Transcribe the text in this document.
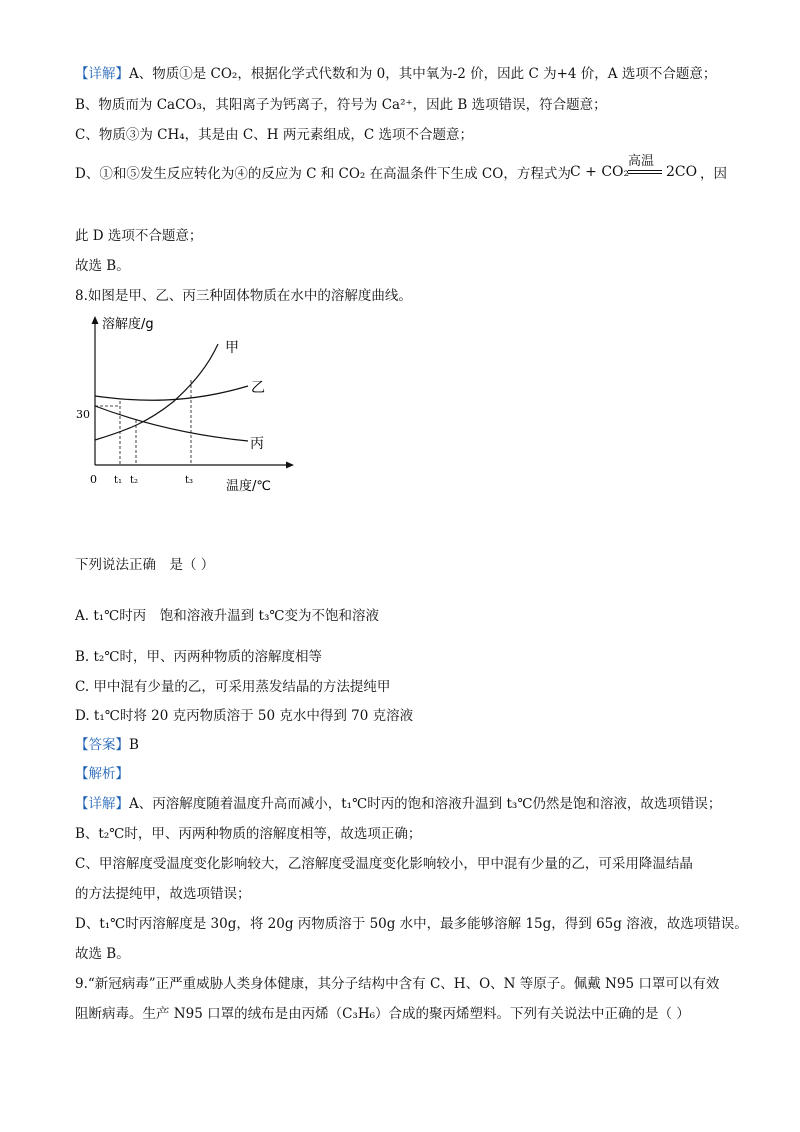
【详解】A、物质①是 CO₂，根据化学式代数和为 0，其中氧为-2 价，因此 C 为+4 价，A 选项不合题意；
B、物质而为 CaCO₃，其阳离子为钙离子，符号为 Ca²⁺，因此 B 选项错误，符合题意；
C、物质③为 CH₄，其是由 C、H 两元素组成，C 选项不合题意；
D、①和⑤发生反应转化为④的反应为 C 和 CO₂ 在高温条件下生成 CO，方程式为 C + CO₂
高温
2CO ，因
此 D 选项不合题意；
故选 B。
8.如图是甲、乙、丙三种固体物质在水中的溶解度曲线。
溶解度/g
温度/℃
30
0 t₁ t₂	t₃
甲
乙
丙
下列说法正确　是（ ）
A. t₁℃时丙　饱和溶液升温到 t₃℃变为不饱和溶液
B. t₂℃时，甲、丙两种物质的溶解度相等
C. 甲中混有少量的乙，可采用蒸发结晶的方法提纯甲
D. t₁℃时将 20 克丙物质溶于 50 克水中得到 70 克溶液
【答案】B
【解析】
【详解】A、丙溶解度随着温度升高而减小，t₁℃时丙的饱和溶液升温到 t₃℃仍然是饱和溶液，故选项错误；
B、t₂℃时，甲、丙两种物质的溶解度相等，故选项正确；
C、甲溶解度受温度变化影响较大，乙溶解度受温度变化影响较小，甲中混有少量的乙，可采用降温结晶
的方法提纯甲，故选项错误；
D、t₁℃时丙溶解度是 30g，将 20g 丙物质溶于 50g 水中，最多能够溶解 15g，得到 65g 溶液，故选项错误。
故选 B。
9.“新冠病毒”正严重威胁人类身体健康，其分子结构中含有 C、H、O、N 等原子。佩戴 N95 口罩可以有效
阻断病毒。生产 N95 口罩的绒布是由丙烯（C₃H₆）合成的聚丙烯塑料。下列有关说法中正确的是（ ）
